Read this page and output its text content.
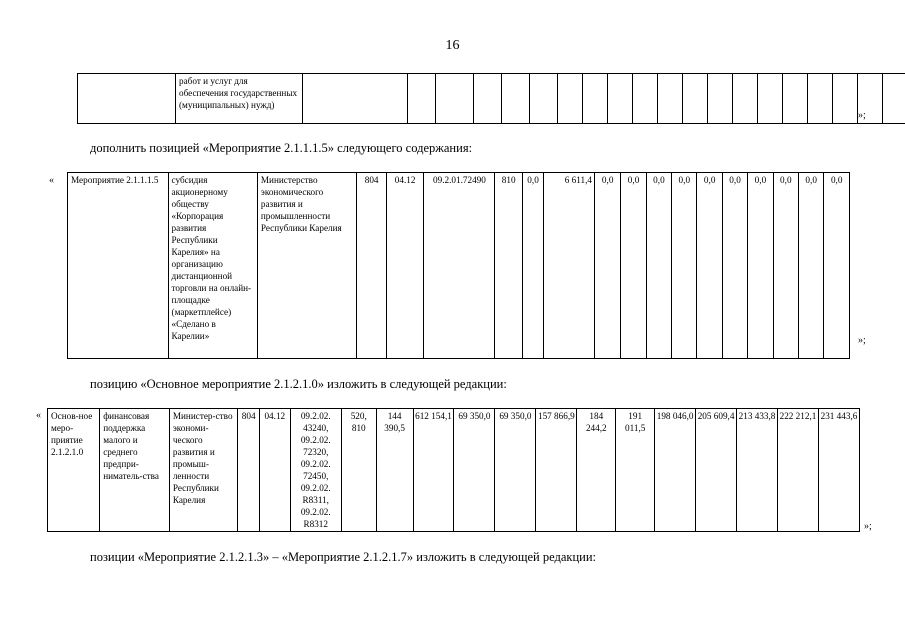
16
	работ и услуг для обеспечения государственных (муниципальных) нужд)																				
»;
дополнить позицией «Мероприятие 2.1.1.1.5» следующего содержания:
« Мероприятие 2.1.1.1.5	субсидия акционерному обществу «Корпорация развития Республики Карелия» на организацию дистанционной торговли на онлайн-площадке (маркетплейсе) «Сделано в Карелии»	Министерство экономического развития и промышленности Республики Карелия	804	04.12	09.2.01.72490	810	0,0	6 611,4	0,0	0,0	0,0	0,0	0,0	0,0	0,0	0,0	0,0	0,0
»;
позицию «Основное мероприятие 2.1.2.1.0» изложить в следующей редакции:
« Основ-ное меро-приятие 2.1.2.1.0	финансовая поддержка малого и среднего предпри-ниматель-ства	Министер-ство экономи-ческого развития и промыш-ленности Республики Карелия	804	04.12	09.2.02. 43240, 09.2.02. 72320, 09.2.02. 72450, 09.2.02. R8311, 09.2.02. R8312	520, 810	144 390,5	612 154,1	69 350,0	69 350,0	157 866,9	184 244,2	191 011,5	198 046,0	205 609,4	213 433,8	222 212,1	231 443,6
»;
позиции «Мероприятие 2.1.2.1.3» – «Мероприятие 2.1.2.1.7» изложить в следующей редакции:
